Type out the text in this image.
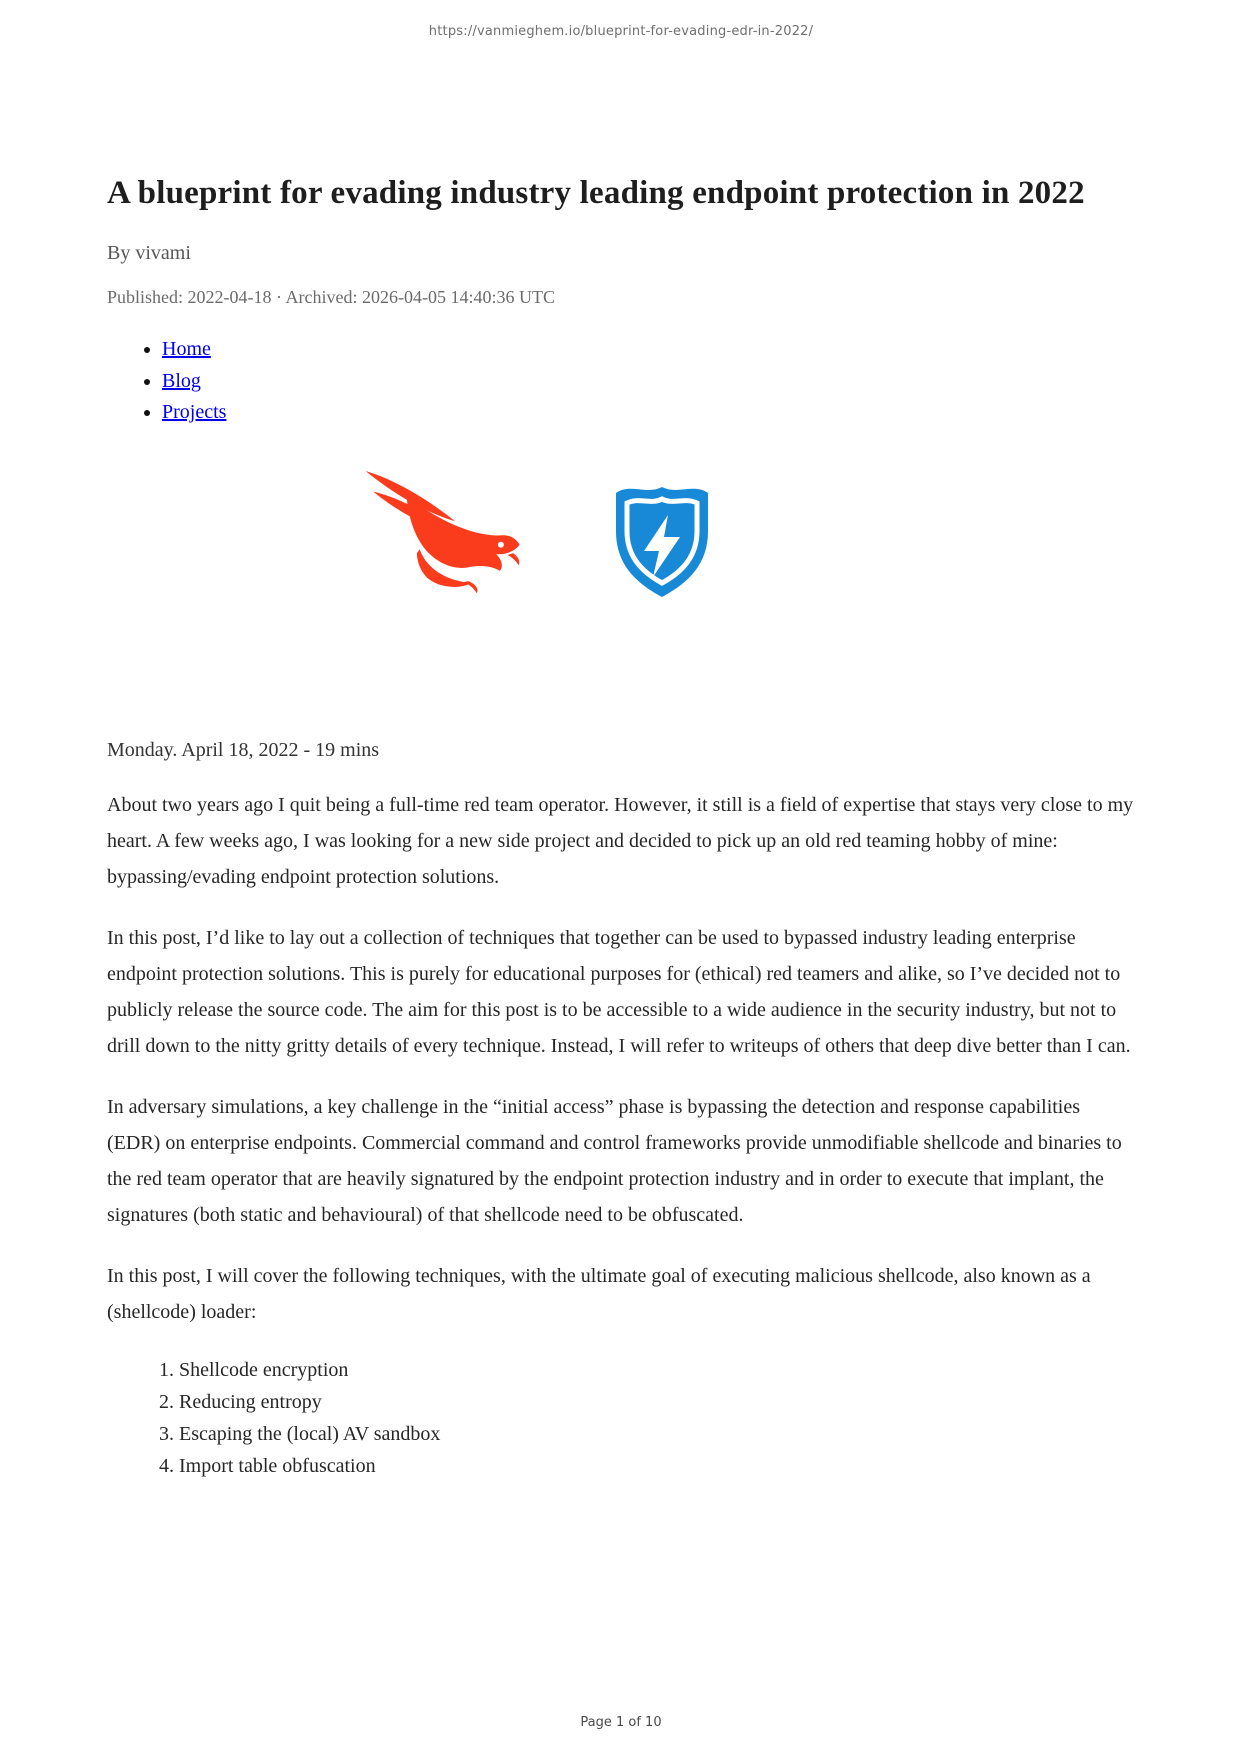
https://vanmieghem.io/blueprint-for-evading-edr-in-2022/
A blueprint for evading industry leading endpoint protection in 2022
By vivami
Published: 2022-04-18 · Archived: 2026-04-05 14:40:36 UTC
• Home
• Blog
• Projects
Monday. April 18, 2022 - 19 mins

About two years ago I quit being a full-time red team operator. However, it still is a field of expertise that stays very close to my heart. A few weeks ago, I was looking for a new side project and decided to pick up an old red teaming hobby of mine: bypassing/evading endpoint protection solutions.

In this post, I’d like to lay out a collection of techniques that together can be used to bypassed industry leading enterprise endpoint protection solutions. This is purely for educational purposes for (ethical) red teamers and alike, so I’ve decided not to publicly release the source code. The aim for this post is to be accessible to a wide audience in the security industry, but not to drill down to the nitty gritty details of every technique. Instead, I will refer to writeups of others that deep dive better than I can.

In adversary simulations, a key challenge in the “initial access” phase is bypassing the detection and response capabilities (EDR) on enterprise endpoints. Commercial command and control frameworks provide unmodifiable shellcode and binaries to the red team operator that are heavily signatured by the endpoint protection industry and in order to execute that implant, the signatures (both static and behavioural) of that shellcode need to be obfuscated.

In this post, I will cover the following techniques, with the ultimate goal of executing malicious shellcode, also known as a (shellcode) loader:

1. Shellcode encryption
2. Reducing entropy
3. Escaping the (local) AV sandbox
4. Import table obfuscation
Page 1 of 10
